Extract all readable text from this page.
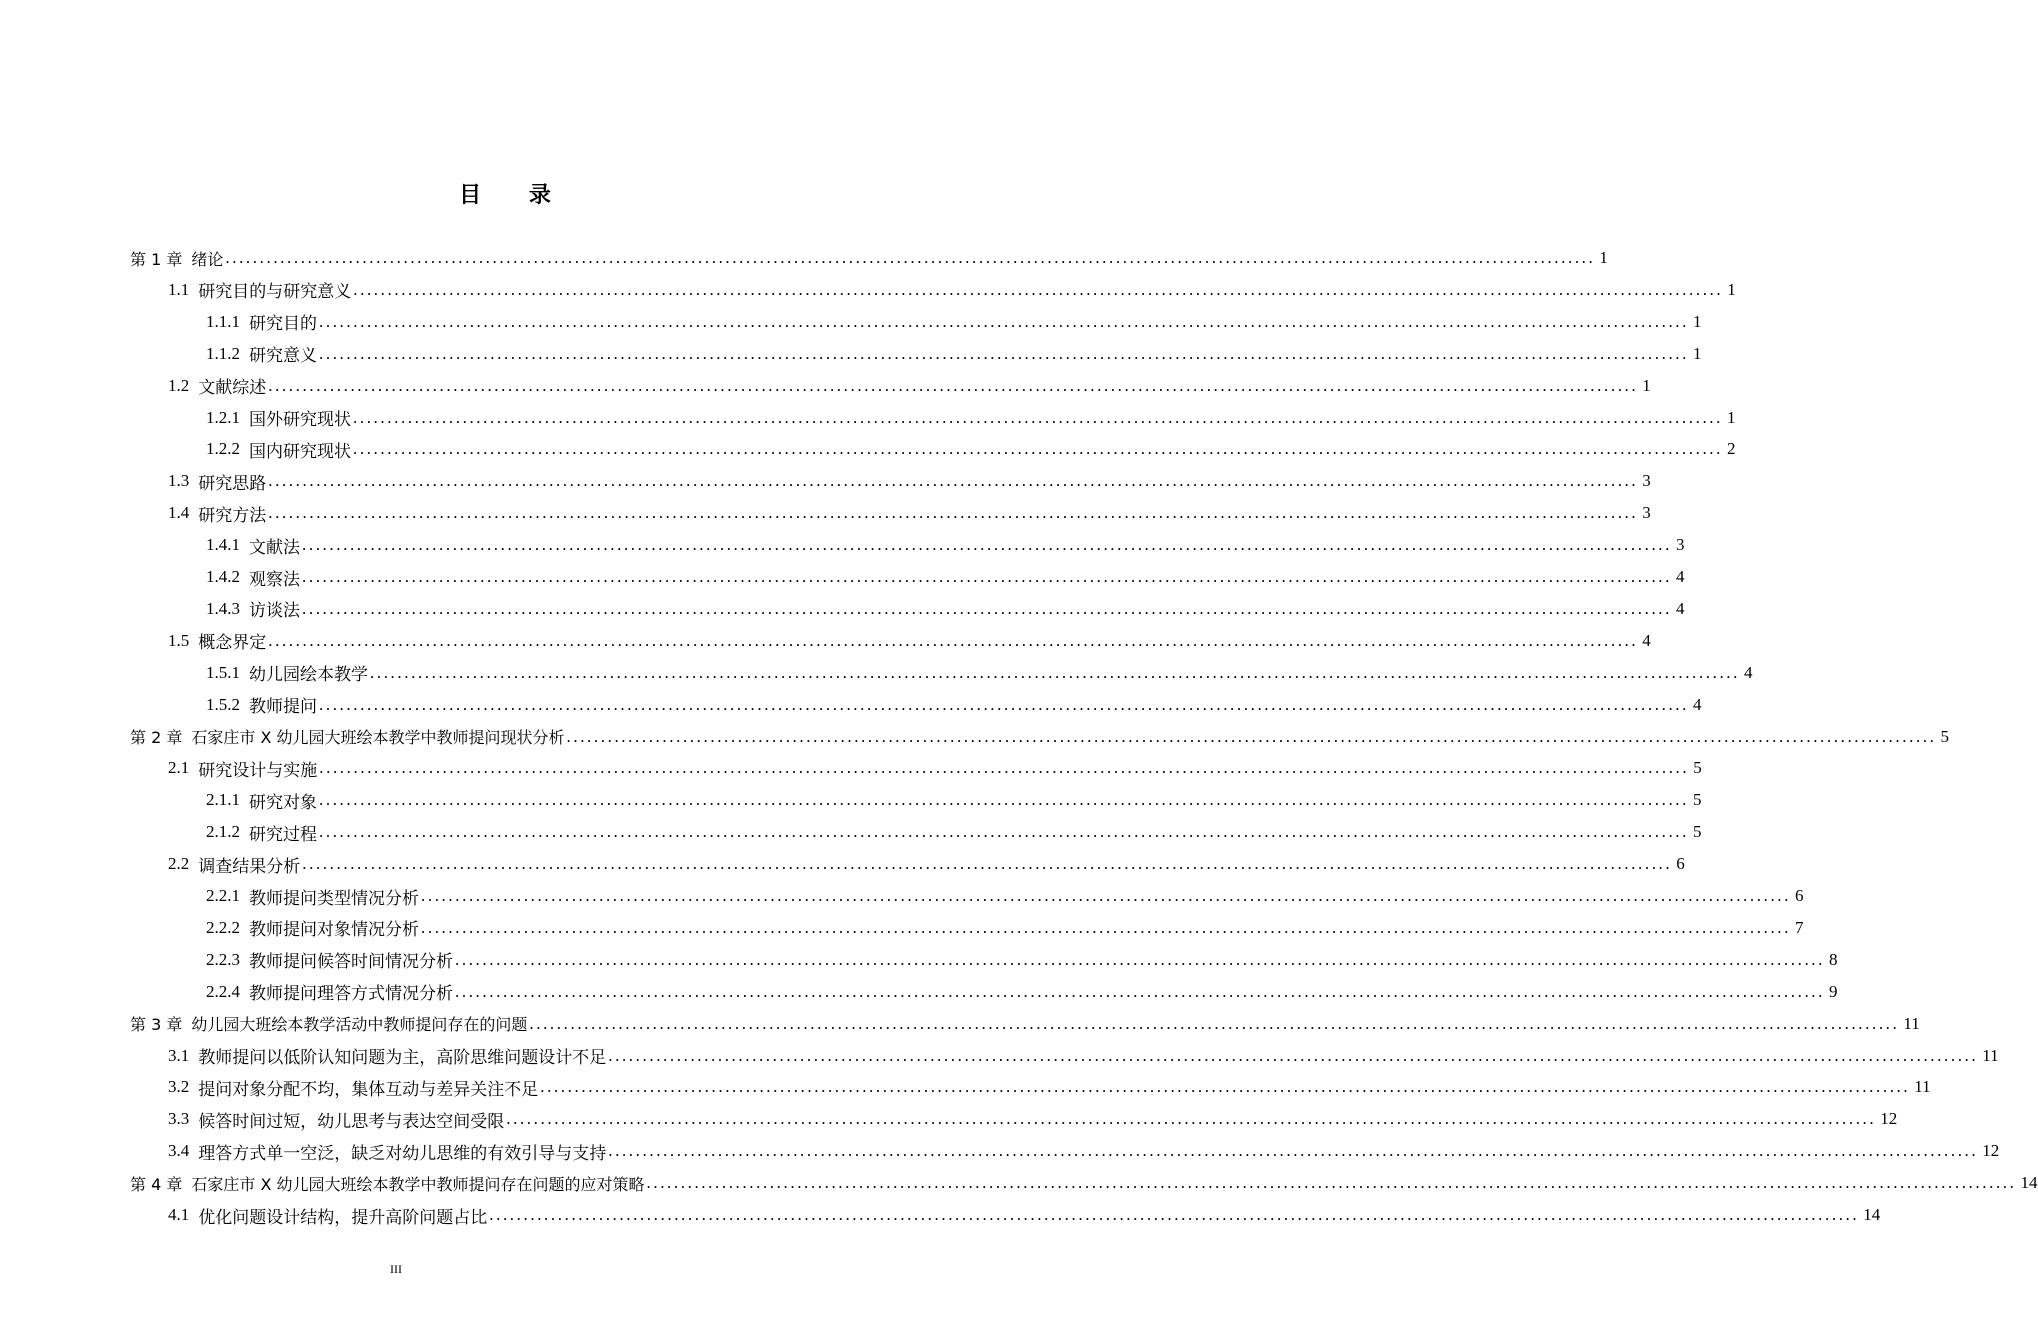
目 录
第 1 章 绪论 ........................................................................................................................................................................................................ 1
1.1 研究目的与研究意义 ........................................................................................................................................................................................................ 1
1.1.1 研究目的 ........................................................................................................................................................................................................ 1
1.1.2 研究意义 ........................................................................................................................................................................................................ 1
1.2 文献综述 ........................................................................................................................................................................................................ 1
1.2.1 国外研究现状 ........................................................................................................................................................................................................ 1
1.2.2 国内研究现状 ........................................................................................................................................................................................................ 2
1.3 研究思路 ........................................................................................................................................................................................................ 3
1.4 研究方法 ........................................................................................................................................................................................................ 3
1.4.1 文献法 ........................................................................................................................................................................................................ 3
1.4.2 观察法 ........................................................................................................................................................................................................ 4
1.4.3 访谈法 ........................................................................................................................................................................................................ 4
1.5 概念界定 ........................................................................................................................................................................................................ 4
1.5.1 幼儿园绘本教学 ........................................................................................................................................................................................................ 4
1.5.2 教师提问 ........................................................................................................................................................................................................ 4
第 2 章 石家庄市 X 幼儿园大班绘本教学中教师提问现状分析 ........................................................................................................................................................................................................ 5
2.1 研究设计与实施 ........................................................................................................................................................................................................ 5
2.1.1 研究对象 ........................................................................................................................................................................................................ 5
2.1.2 研究过程 ........................................................................................................................................................................................................ 5
2.2 调查结果分析 ........................................................................................................................................................................................................ 6
2.2.1 教师提问类型情况分析 ........................................................................................................................................................................................................ 6
2.2.2 教师提问对象情况分析 ........................................................................................................................................................................................................ 7
2.2.3 教师提问候答时间情况分析 ........................................................................................................................................................................................................ 8
2.2.4 教师提问理答方式情况分析 ........................................................................................................................................................................................................ 9
第 3 章 幼儿园大班绘本教学活动中教师提问存在的问题 ........................................................................................................................................................................................................ 11
3.1 教师提问以低阶认知问题为主，高阶思维问题设计不足 ........................................................................................................................................................................................................ 11
3.2 提问对象分配不均，集体互动与差异关注不足 ........................................................................................................................................................................................................ 11
3.3 候答时间过短，幼儿思考与表达空间受限 ........................................................................................................................................................................................................ 12
3.4 理答方式单一空泛，缺乏对幼儿思维的有效引导与支持 ........................................................................................................................................................................................................ 12
第 4 章 石家庄市 X 幼儿园大班绘本教学中教师提问存在问题的应对策略 ........................................................................................................................................................................................................ 14
4.1 优化问题设计结构，提升高阶问题占比 ........................................................................................................................................................................................................ 14
III
